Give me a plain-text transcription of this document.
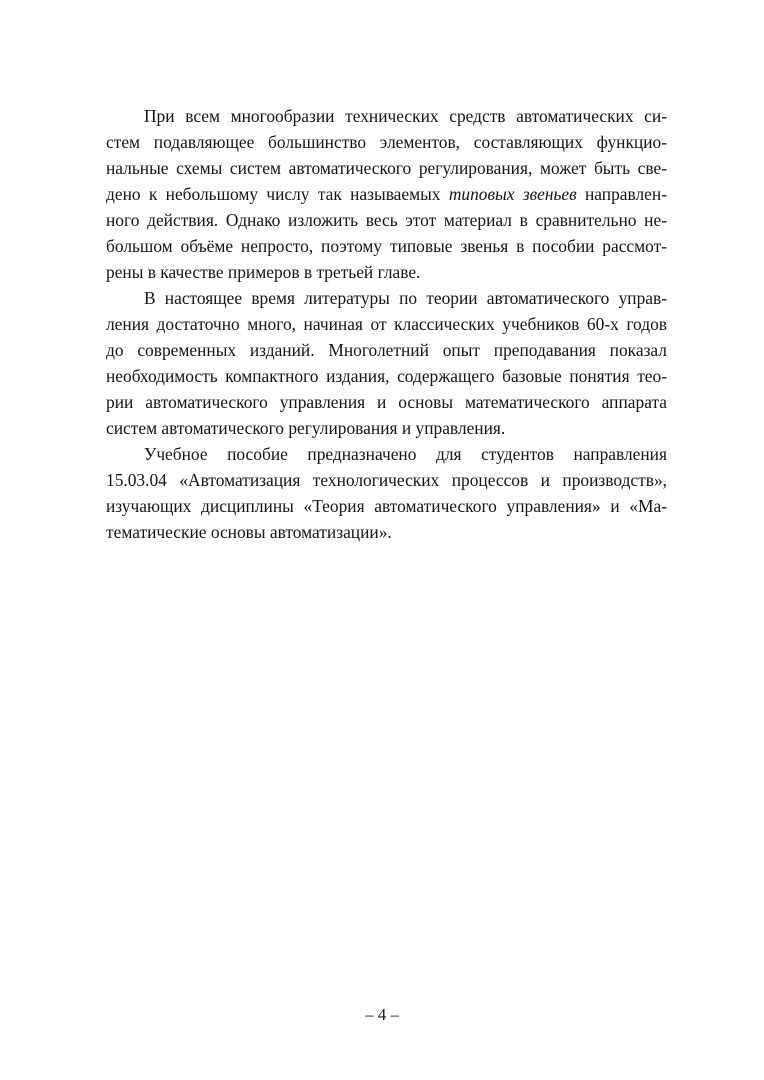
При всем многообразии технических средств автоматических си-
стем подавляющее большинство элементов, составляющих функцио-
нальные схемы систем автоматического регулирования, может быть све-
дено к небольшому числу так называемых типовых звеньев направлен-
ного действия. Однако изложить весь этот материал в сравнительно не-
большом объёме непросто, поэтому типовые звенья в пособии рассмот-
рены в качестве примеров в третьей главе.
В настоящее время литературы по теории автоматического управ-
ления достаточно много, начиная от классических учебников 60-х годов
до современных изданий. Многолетний опыт преподавания показал
необходимость компактного издания, содержащего базовые понятия тео-
рии автоматического управления и основы математического аппарата
систем автоматического регулирования и управления.
Учебное пособие предназначено для студентов направления
15.03.04 «Автоматизация технологических процессов и производств»,
изучающих дисциплины «Теория автоматического управления» и «Ма-
тематические основы автоматизации».
– 4 –
